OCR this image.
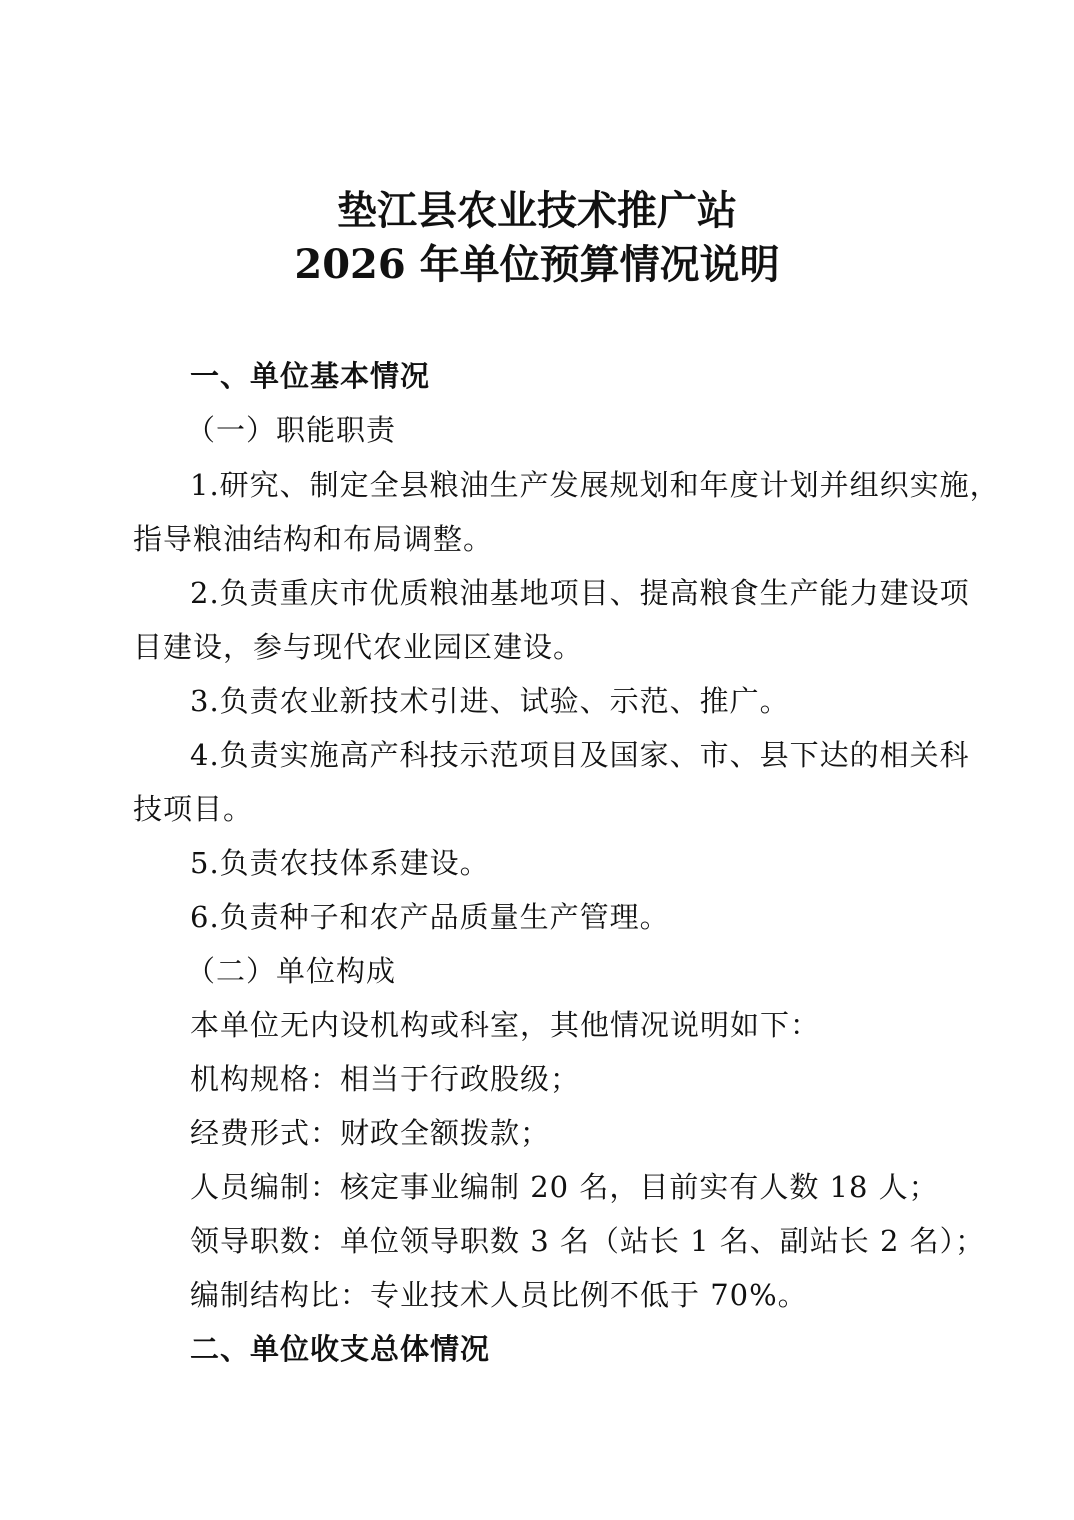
垫江县农业技术推广站
2026 年单位预算情况说明
一、单位基本情况
（一）职能职责
1.研究、制定全县粮油生产发展规划和年度计划并组织实施，
指导粮油结构和布局调整。
2.负责重庆市优质粮油基地项目、提高粮食生产能力建设项
目建设，参与现代农业园区建设。
3.负责农业新技术引进、试验、示范、推广。
4.负责实施高产科技示范项目及国家、市、县下达的相关科
技项目。
5.负责农技体系建设。
6.负责种子和农产品质量生产管理。
（二）单位构成
本单位无内设机构或科室，其他情况说明如下：
机构规格：相当于行政股级；
经费形式：财政全额拨款；
人员编制：核定事业编制 20 名，目前实有人数 18 人；
领导职数：单位领导职数 3 名（站长 1 名、副站长 2 名）；
编制结构比：专业技术人员比例不低于 70%。
二、单位收支总体情况
